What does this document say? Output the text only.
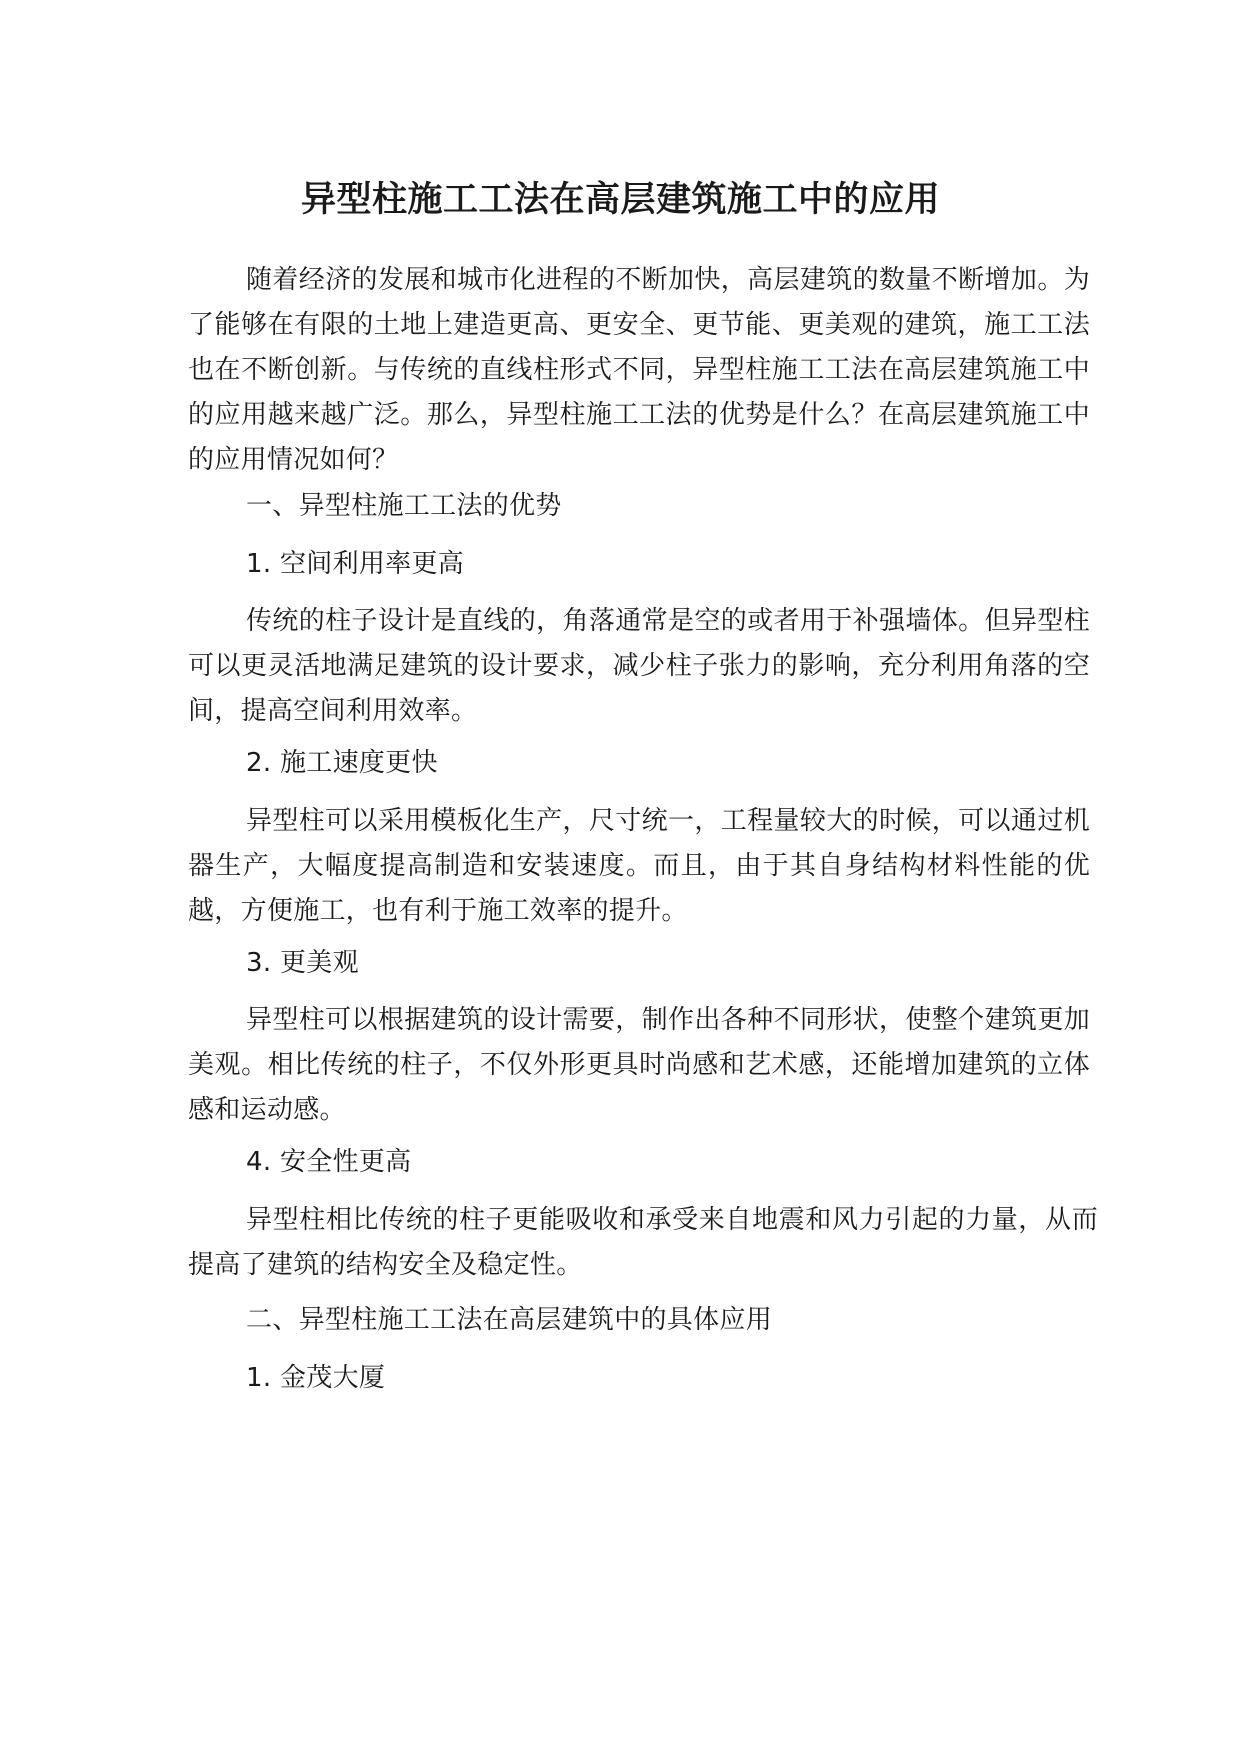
异型柱施工工法在高层建筑施工中的应用

随着经济的发展和城市化进程的不断加快，高层建筑的数量不断增加。为了能够在有限的土地上建造更高、更安全、更节能、更美观的建筑，施工工法也在不断创新。与传统的直线柱形式不同，异型柱施工工法在高层建筑施工中的应用越来越广泛。那么，异型柱施工工法的优势是什么？在高层建筑施工中的应用情况如何？

一、异型柱施工工法的优势

1. 空间利用率更高

传统的柱子设计是直线的，角落通常是空的或者用于补强墙体。但异型柱可以更灵活地满足建筑的设计要求，减少柱子张力的影响，充分利用角落的空间，提高空间利用效率。

2. 施工速度更快

异型柱可以采用模板化生产，尺寸统一，工程量较大的时候，可以通过机器生产，大幅度提高制造和安装速度。而且，由于其自身结构材料性能的优越，方便施工，也有利于施工效率的提升。

3. 更美观

异型柱可以根据建筑的设计需要，制作出各种不同形状，使整个建筑更加美观。相比传统的柱子，不仅外形更具时尚感和艺术感，还能增加建筑的立体感和运动感。

4. 安全性更高

异型柱相比传统的柱子更能吸收和承受来自地震和风力引起的力量，从而提高了建筑的结构安全及稳定性。

二、异型柱施工工法在高层建筑中的具体应用

1. 金茂大厦
